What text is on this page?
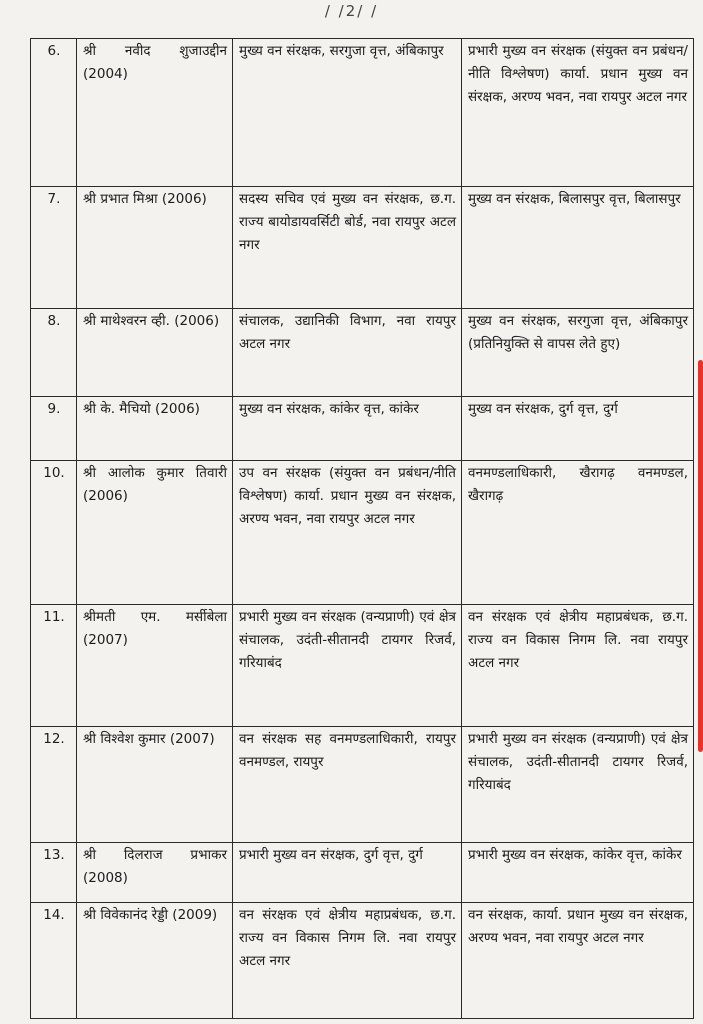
/ /2/ /
6.	श्री नवीद शुजाउद्दीन (2004)	मुख्य वन संरक्षक, सरगुजा वृत्त, अंबिकापुर	प्रभारी मुख्य वन संरक्षक (संयुक्त वन प्रबंधन/नीति विश्लेषण) कार्या. प्रधान मुख्य वन संरक्षक, अरण्य भवन, नवा रायपुर अटल नगर
7.	श्री प्रभात मिश्रा (2006)	सदस्य सचिव एवं मुख्य वन संरक्षक, छ.ग. राज्य बायोडायवर्सिटी बोर्ड, नवा रायपुर अटल नगर	मुख्य वन संरक्षक, बिलासपुर वृत्त, बिलासपुर
8.	श्री माथेश्वरन व्ही. (2006)	संचालक, उद्यानिकी विभाग, नवा रायपुर अटल नगर	मुख्य वन संरक्षक, सरगुजा वृत्त, अंबिकापुर (प्रतिनियुक्ति से वापस लेते हुए)
9.	श्री के. मैचियो (2006)	मुख्य वन संरक्षक, कांकेर वृत्त, कांकेर	मुख्य वन संरक्षक, दुर्ग वृत्त, दुर्ग
10.	श्री आलोक कुमार तिवारी (2006)	उप वन संरक्षक (संयुक्त वन प्रबंधन/नीति विश्लेषण) कार्या. प्रधान मुख्य वन संरक्षक, अरण्य भवन, नवा रायपुर अटल नगर	वनमण्डलाधिकारी, खैरागढ़ वनमण्डल, खैरागढ़
11.	श्रीमती एम. मर्सीबेला (2007)	प्रभारी मुख्य वन संरक्षक (वन्यप्राणी) एवं क्षेत्र संचालक, उदंती-सीतानदी टायगर रिजर्व, गरियाबंद	वन संरक्षक एवं क्षेत्रीय महाप्रबंधक, छ.ग. राज्य वन विकास निगम लि. नवा रायपुर अटल नगर
12.	श्री विश्वेश कुमार (2007)	वन संरक्षक सह वनमण्डलाधिकारी, रायपुर वनमण्डल, रायपुर	प्रभारी मुख्य वन संरक्षक (वन्यप्राणी) एवं क्षेत्र संचालक, उदंती-सीतानदी टायगर रिजर्व, गरियाबंद
13.	श्री दिलराज प्रभाकर (2008)	प्रभारी मुख्य वन संरक्षक, दुर्ग वृत्त, दुर्ग	प्रभारी मुख्य वन संरक्षक, कांकेर वृत्त, कांकेर
14.	श्री विवेकानंद रेड्डी (2009)	वन संरक्षक एवं क्षेत्रीय महाप्रबंधक, छ.ग. राज्य वन विकास निगम लि. नवा रायपुर अटल नगर	वन संरक्षक, कार्या. प्रधान मुख्य वन संरक्षक, अरण्य भवन, नवा रायपुर अटल नगर
